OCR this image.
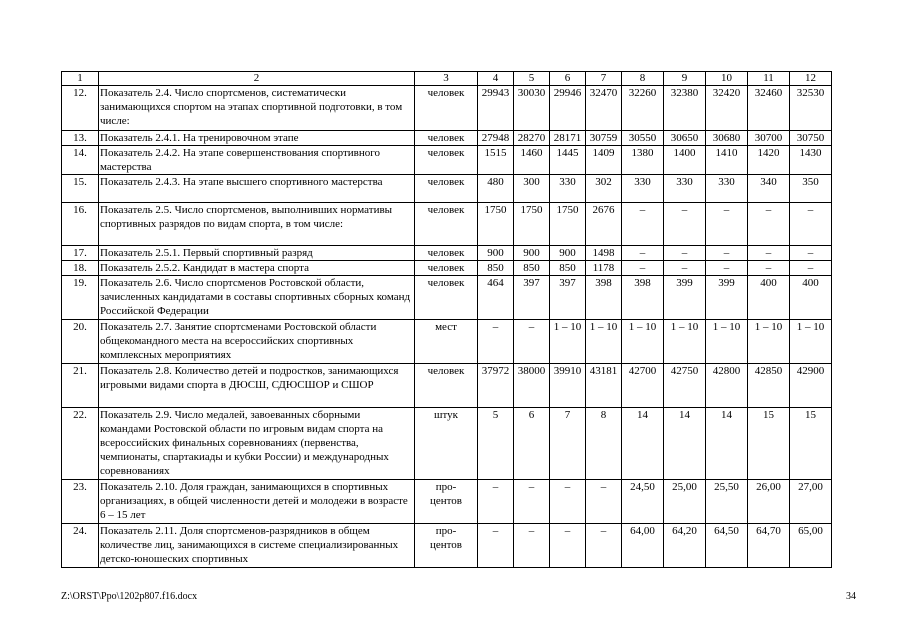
1	2	3	4	5	6	7	8	9	10	11	12
12.	Показатель 2.4. Число спортсменов, систематически занимающихся спортом на этапах спортивной подготовки, в том числе:	человек	29943	30030	29946	32470	32260	32380	32420	32460	32530
13.	Показатель 2.4.1. На тренировочном этапе	человек	27948	28270	28171	30759	30550	30650	30680	30700	30750
14.	Показатель 2.4.2. На этапе совершенствования спортивного мастерства	человек	1515	1460	1445	1409	1380	1400	1410	1420	1430
15.	Показатель 2.4.3. На этапе высшего спортивного мастерства	человек	480	300	330	302	330	330	330	340	350
16.	Показатель 2.5. Число спортсменов, выполнивших нормативы спортивных разрядов по видам спорта, в том числе:	человек	1750	1750	1750	2676	–	–	–	–	–
17.	Показатель 2.5.1. Первый спортивный разряд	человек	900	900	900	1498	–	–	–	–	–
18.	Показатель 2.5.2. Кандидат в мастера спорта	человек	850	850	850	1178	–	–	–	–	–
19.	Показатель 2.6. Число спортсменов Ростовской области, зачисленных кандидатами в составы спортивных сборных команд Российской Федерации	человек	464	397	397	398	398	399	399	400	400
20.	Показатель 2.7. Занятие спортсменами Ростовской области общекомандного места на всероссийских спортивных комплексных мероприятиях	мест	–	–	1 – 10	1 – 10	1 – 10	1 – 10	1 – 10	1 – 10	1 – 10
21.	Показатель 2.8. Количество детей и подростков, занимающихся игровыми видами спорта в ДЮСШ, СДЮСШОР и СШОР	человек	37972	38000	39910	43181	42700	42750	42800	42850	42900
22.	Показатель 2.9. Число медалей, завоеванных сборными командами Ростовской области по игровым видам спорта на всероссийских финальных соревнованиях (первенства, чемпионаты, спартакиады и кубки России) и международных соревнованиях	штук	5	6	7	8	14	14	14	15	15
23.	Показатель 2.10. Доля граждан, занимающихся в спортивных организациях, в общей численности детей и молодежи в возрасте 6 – 15 лет	про-
центов	–	–	–	–	24,50	25,00	25,50	26,00	27,00
24.	Показатель 2.11. Доля спортсменов-разрядников в общем количестве лиц, занимающихся в системе специализированных детско-юношеских спортивных	про-
центов	–	–	–	–	64,00	64,20	64,50	64,70	65,00
Z:\ORST\Ppo\1202p807.f16.docx	34
